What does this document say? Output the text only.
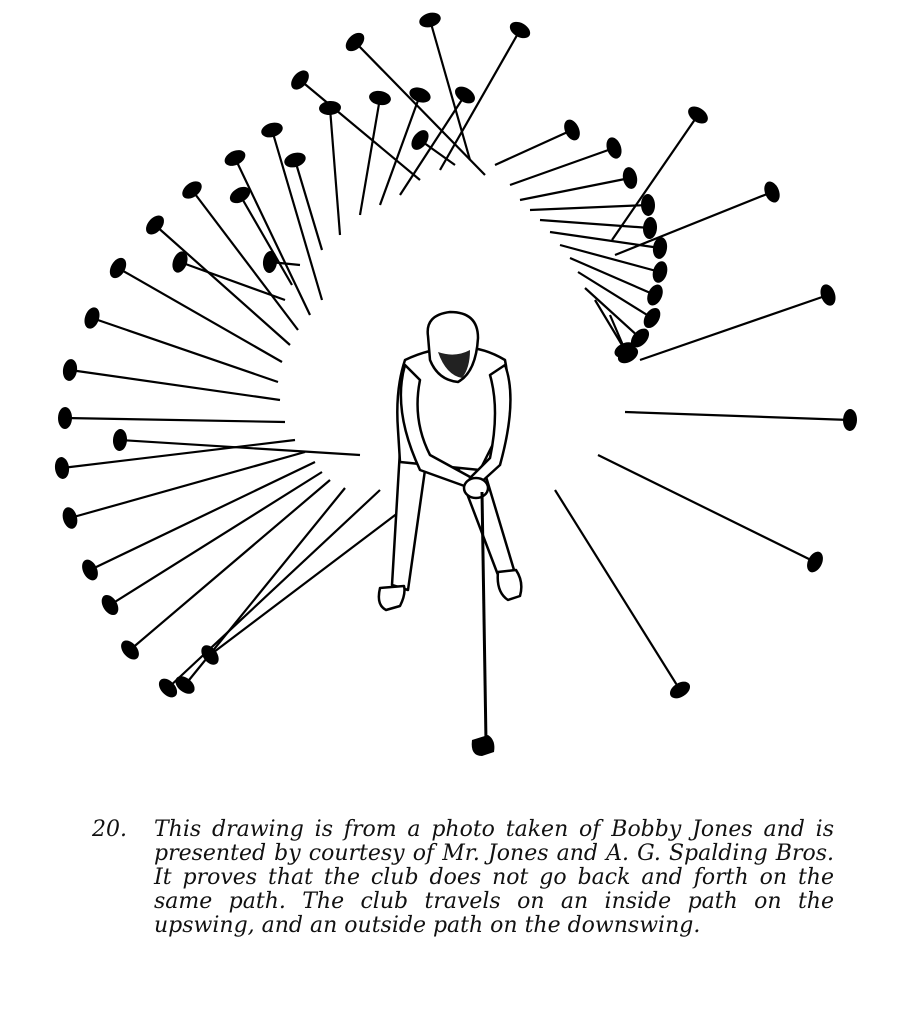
20.	This drawing is from a photo taken of Bobby Jones and is presented by courtesy of Mr. Jones and A. G. Spalding Bros. It proves that the club does not go back and forth on the same path. The club travels on an inside path on the upswing, and an outside path on the downswing.
